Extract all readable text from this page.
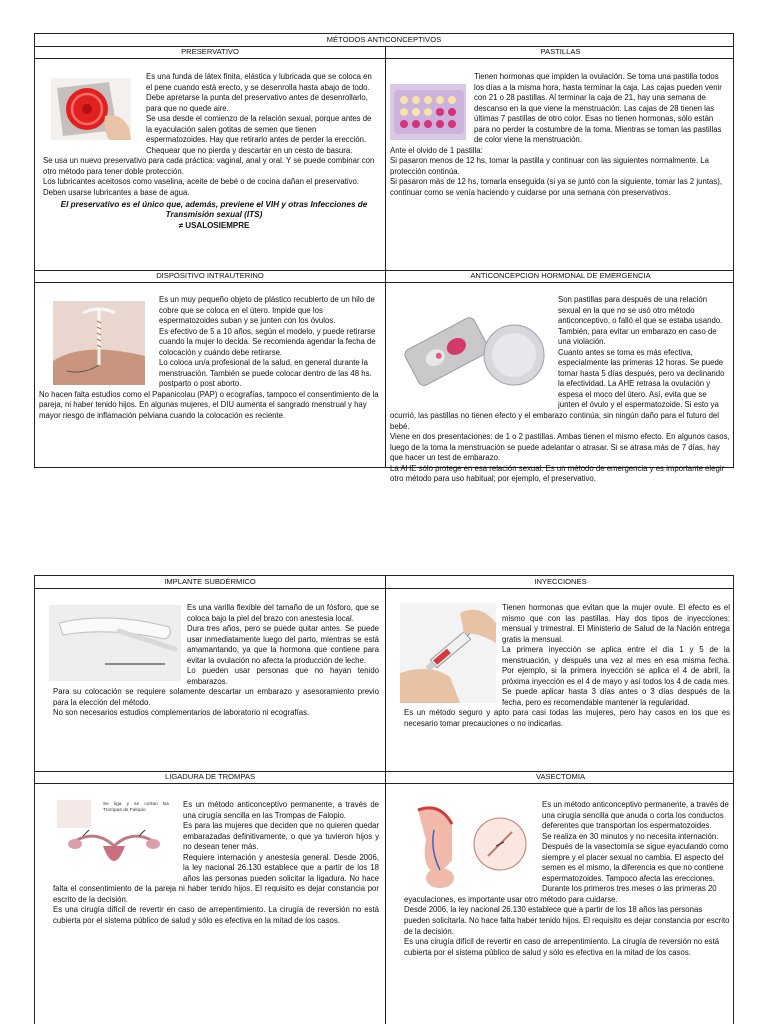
MÉTODOS ANTICONCEPTIVOS
PRESERVATIVO

Es una funda de látex finita, elástica y lubricada que se coloca en el pene cuando está erecto, y se desenrolla hasta abajo de todo. Debe apretarse la punta del preservativo antes de desenrollarlo, para que no quede aire.

Se usa desde el comienzo de la relación sexual, porque antes de la eyaculación salen gotitas de semen que tienen espermatozoides. Hay que retirarlo antes de perder la erección. Chequear que no pierda y descartar en un cesto de basura.

Se usa un nuevo preservativo para cada práctica: vaginal, anal y oral. Y se puede combinar con otro método para tener doble protección.

Los lubricantes aceitosos como vaselina, aceite de bebé o de cocina dañan el preservativo. Deben usarse lubricantes a base de agua.

El preservativo es el único que, además, previene el VIH y otras Infecciones de Transmisión sexual (ITS)

≠ USALOSIEMPRE

PASTILLAS

Tienen hormonas que impiden la ovulación. Se toma una pastilla todos los días a la misma hora, hasta terminar la caja. Las cajas pueden venir con 21 o 28 pastillas. Al terminar la caja de 21, hay una semana de descanso en la que viene la menstruación. Las cajas de 28 tienen las últimas 7 pastillas de otro color. Esas no tienen hormonas, sólo están para no perder la costumbre de la toma. Mientras se toman las pastillas de color viene la menstruación.

Ante el olvido de 1 pastilla:

Si pasaron menos de 12 hs, tomar la pastilla y continuar con las siguientes normalmente. La protección continúa.

Si pasaron más de 12 hs, tomarla enseguida (si ya se juntó con la siguiente, tomar las 2 juntas), continuar como se venía haciendo y cuidarse por una semana con preservativos.

DISPOSITIVO INTRAUTERINO

Es un muy pequeño objeto de plástico recubierto de un hilo de cobre que se coloca en el útero. Impide que los espermatozoides suban y se junten con los óvulos.

Es efectivo de 5 a 10 años, según el modelo, y puede retirarse cuando la mujer lo decida. Se recomienda agendar la fecha de colocación y cuándo debe retirarse.

Lo coloca un/a profesional de la salud, en general durante la menstruación. También se puede colocar dentro de las 48 hs. postparto o post aborto.

No hacen falta estudios como el Papanicolau (PAP) o ecografías, tampoco el consentimiento de la pareja, ni haber tenido hijos. En algunas mujeres, el DIU aumenta el sangrado menstrual y hay mayor riesgo de inflamación pelviana cuando la colocación es reciente.

ANTICONCEPCION HORMONAL DE EMERGENCIA

Son pastillas para después de una relación sexual en la que no se usó otro método anticonceptivo, o falló el que se estaba usando. También, para evitar un embarazo en caso de una violación.

Cuanto antes se toma es más efectiva, especialmente las primeras 12 horas. Se puede tomar hasta 5 días después, pero va declinando la efectividad. La AHE retrasa la ovulación y espesa el moco del útero. Así, evita que se junten el óvulo y el espermatozoide. Si esto ya ocurrió, las pastillas no tienen efecto y el embarazo continúa, sin ningún daño para el futuro del bebé.

Viene en dos presentaciones: de 1 o 2 pastillas. Ambas tienen el mismo efecto. En algunos casos, luego de la toma la menstruación se puede adelantar o atrasar. Si se atrasa más de 7 días, hay que hacer un test de embarazo.

La AHE sólo protege en esa relación sexual. Es un método de emergencia y es importante elegir otro método para uso habitual; por ejemplo, el preservativo.

IMPLANTE SUBDÉRMICO

Es una varilla flexible del tamaño de un fósforo, que se coloca bajo la piel del brazo con anestesia local.

Dura tres años, pero se puede quitar antes. Se puede usar inmediatamente luego del parto, mientras se está amamantando, ya que la hormona que contiene para evitar la ovulación no afecta la producción de leche.

Lo pueden usar personas que no hayan tenido embarazos.

Para su colocación se requiere solamente descartar un embarazo y asesoramiento previo para la elección del método.

No son necesarios estudios complementarios de laboratorio ni ecografías.

INYECCIONES

Tienen hormonas que evitan que la mujer ovule. El efecto es el mismo que con las pastillas. Hay dos tipos de inyecciones: mensual y trimestral. El Ministerio de Salud de la Nación entrega gratis la mensual.

La primera inyección se aplica entre el día 1 y 5 de la menstruación, y después una vez al mes en esa misma fecha. Por ejemplo, si la primera inyección se aplica el 4 de abril, la próxima inyección es el 4 de mayo y así todos los 4 de cada mes. Se puede aplicar hasta 3 días antes o 3 días después de la fecha, pero es recomendable mantener la regularidad.

Es un método seguro y apto para casi todas las mujeres, pero hay casos en los que es necesario tomar precauciones o no indicarlas.

LIGADURA DE TROMPAS
Se liga y se cortan las Trompas de Falopio

Es un método anticonceptivo permanente, a través de una cirugía sencilla en las Trompas de Falopio.

Es para las mujeres que deciden que no quieren quedar embarazadas definitivamente, o que ya tuvieron hijos y no desean tener más.

Requiere internación y anestesia general. Desde 2006, la ley nacional 26.130 establece que a partir de los 18 años las personas pueden solicitar la ligadura. No hace falta el consentimiento de la pareja ni haber tenido hijos. El requisito es dejar constancia por escrito de la decisión.

Es una cirugía difícil de revertir en caso de arrepentimiento. La cirugía de reversión no está cubierta por el sistema público de salud y sólo es efectiva en la mitad de los casos.

VASECTOMIA

Es un método anticonceptivo permanente, a través de una cirugía sencilla que anuda o corta los conductos deferentes que transportan los espermatozoides.

Se realiza en 30 minutos y no necesita internación. Después de la vasectomía se sigue eyaculando como siempre y el placer sexual no cambia. El aspecto del semen es el mismo, la diferencia es que no contiene espermatozoides. Tampoco afecta las erecciones.

Durante los primeros tres meses o las primeras 20 eyaculaciones, es importante usar otro método para cuidarse.

Desde 2006, la ley nacional 26.130 establece que a partir de los 18 años las personas pueden solicitarla. No hace falta haber tenido hijos. El requisito es dejar constancia por escrito de la decisión.

Es una cirugía difícil de revertir en caso de arrepentimiento. La cirugía de reversión no está cubierta por el sistema público de salud y sólo es efectiva en la mitad de los casos.
